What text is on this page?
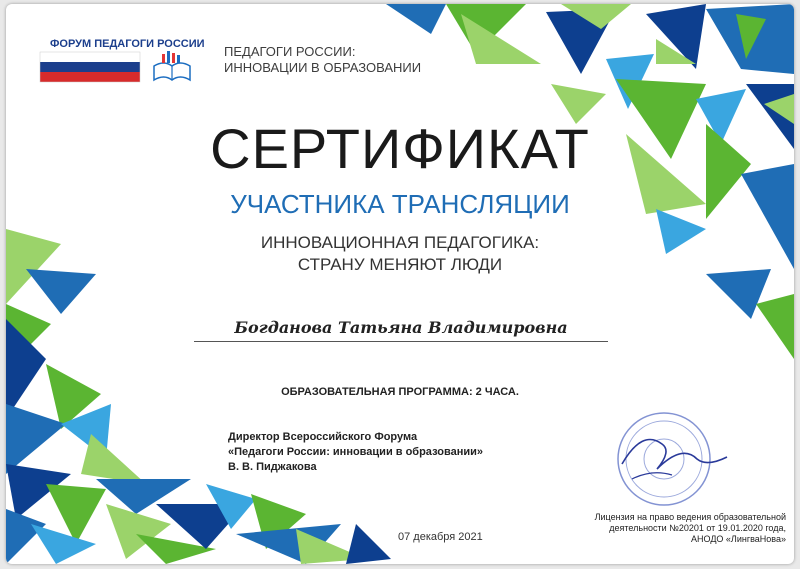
ФОРУМ ПЕДАГОГИ РОССИИ ПЕДАГОГИ РОССИИ:
ИННОВАЦИИ В ОБРАЗОВАНИИ
СЕРТИФИКАТ
УЧАСТНИКА ТРАНСЛЯЦИИ
ИННОВАЦИОННАЯ ПЕДАГОГИКА:
СТРАНУ МЕНЯЮТ ЛЮДИ
Богданова Татьяна Владимировна
ОБРАЗОВАТЕЛЬНАЯ ПРОГРАММА: 2 ЧАСА.
Директор Всероссийского Форума
«Педагоги России: инновации в образовании»
В. В. Пиджакова
07 декабря 2021
Лицензия на право ведения образовательной
деятельности №20201 от 19.01.2020 года,
АНОДО «ЛингваНова»
